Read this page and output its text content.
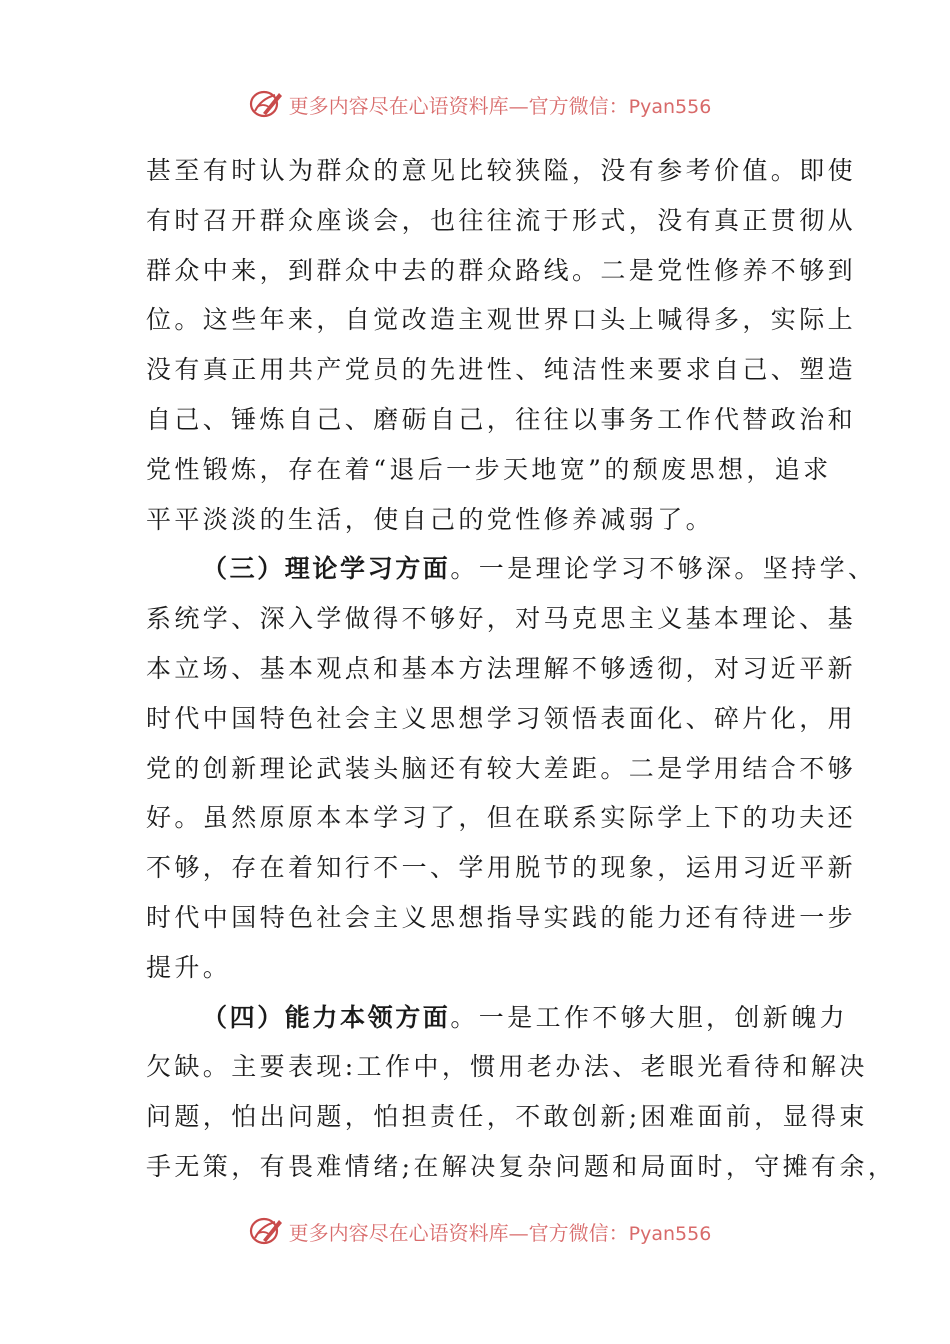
更多内容尽在心语资料库—官方微信：Pyan556
甚至有时认为群众的意见比较狭隘，没有参考价值。即使
有时召开群众座谈会，也往往流于形式，没有真正贯彻从
群众中来，到群众中去的群众路线。二是党性修养不够到
位。这些年来，自觉改造主观世界口头上喊得多，实际上
没有真正用共产党员的先进性、纯洁性来要求自己、塑造
自己、锤炼自己、磨砺自己，往往以事务工作代替政治和
党性锻炼，存在着“退后一步天地宽”的颓废思想，追求
平平淡淡的生活，使自己的党性修养减弱了。
（三）理论学习方面。一是理论学习不够深。坚持学、
系统学、深入学做得不够好，对马克思主义基本理论、基
本立场、基本观点和基本方法理解不够透彻，对习近平新
时代中国特色社会主义思想学习领悟表面化、碎片化，用
党的创新理论武装头脑还有较大差距。二是学用结合不够
好。虽然原原本本学习了，但在联系实际学上下的功夫还
不够，存在着知行不一、学用脱节的现象，运用习近平新
时代中国特色社会主义思想指导实践的能力还有待进一步
提升。
（四）能力本领方面。一是工作不够大胆，创新魄力
欠缺。主要表现:工作中，惯用老办法、老眼光看待和解决
问题，怕出问题，怕担责任，不敢创新;困难面前，显得束
手无策，有畏难情绪;在解决复杂问题和局面时，守摊有余，
更多内容尽在心语资料库—官方微信：Pyan556
